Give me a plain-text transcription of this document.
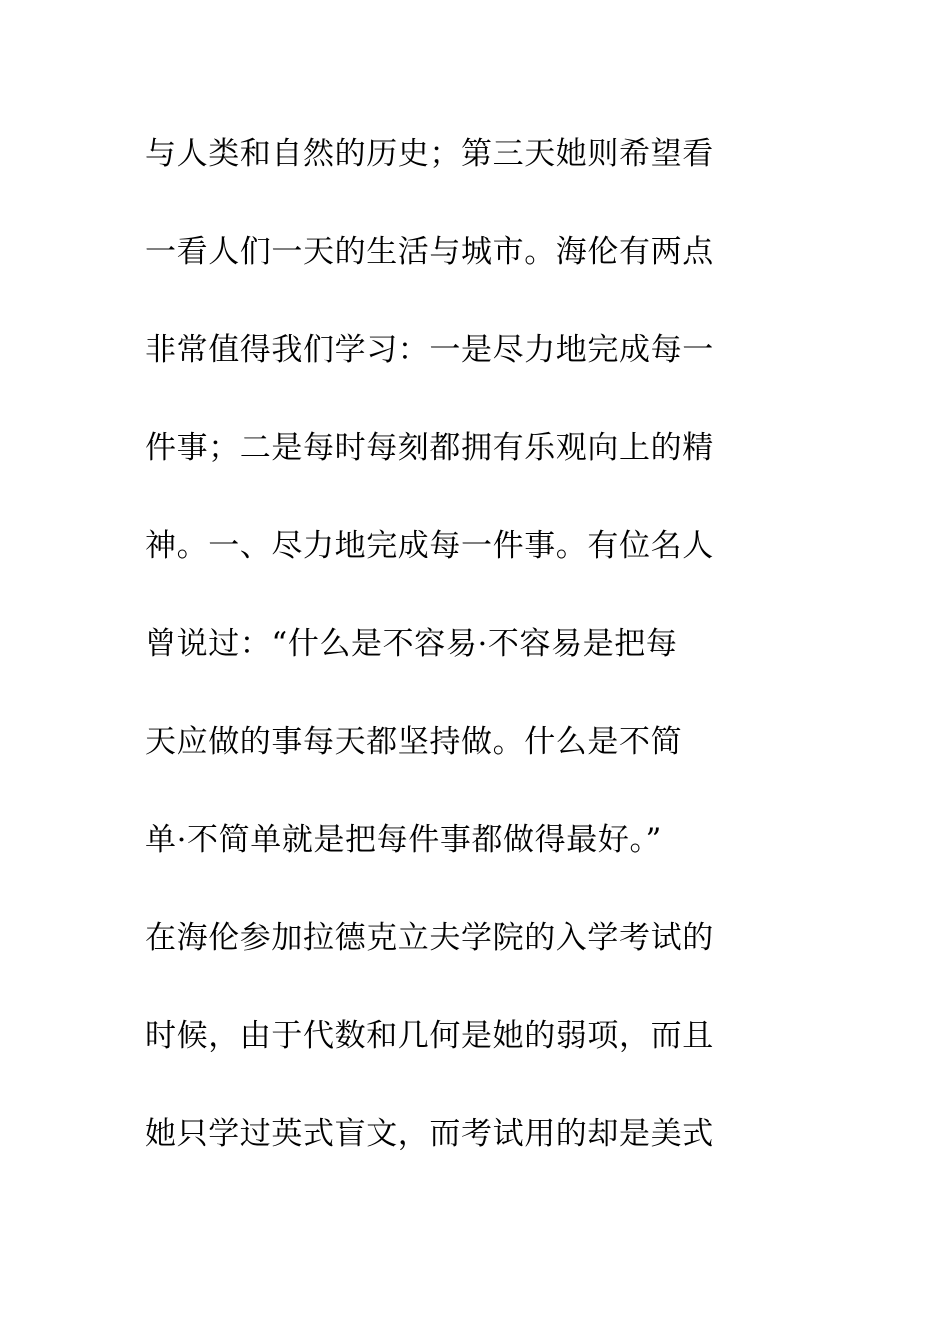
与人类和自然的历史；第三天她则希望看
一看人们一天的生活与城市。海伦有两点
非常值得我们学习：一是尽力地完成每一
件事；二是每时每刻都拥有乐观向上的精
神。一、尽力地完成每一件事。有位名人
曾说过：“什么是不容易·不容易是把每
天应做的事每天都坚持做。什么是不简
单·不简单就是把每件事都做得最好。”
在海伦参加拉德克立夫学院的入学考试的
时候，由于代数和几何是她的弱项，而且
她只学过英式盲文，而考试用的却是美式
